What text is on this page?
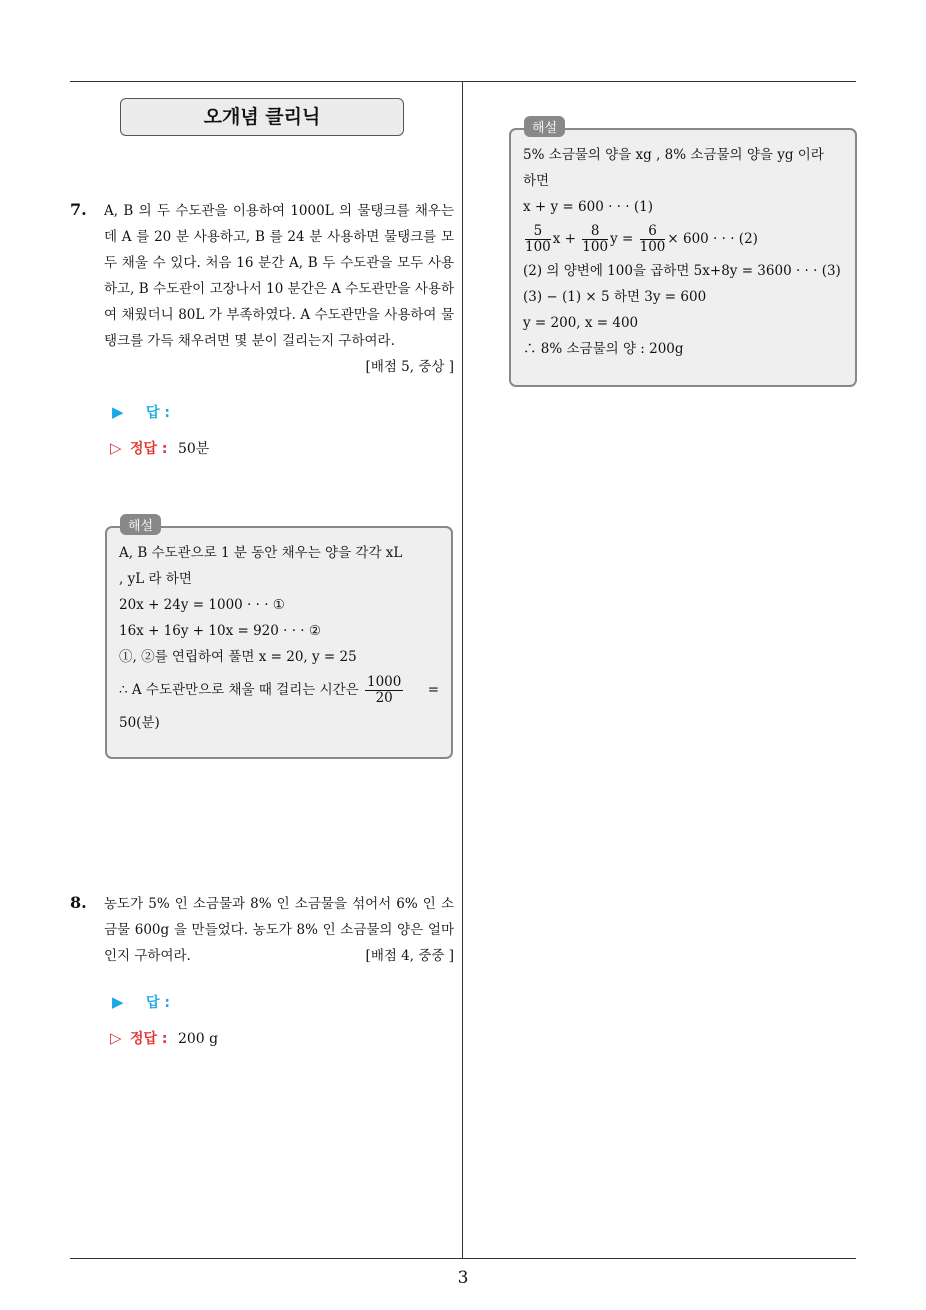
오개념 클리닉
7. A, B 의 두 수도관을 이용하여 1000L 의 물탱크를 채우는 데 A 를 20 분 사용하고, B 를 24 분 사용하면 물탱크를 모두 채울 수 있다. 처음 16 분간 A, B 두 수도관을 모두 사용하고, B 수도관이 고장나서 10 분간은 A 수도관만을 사용하여 채웠더니 80L 가 부족하였다. A 수도관만을 사용하여 물탱크를 가득 채우려면 몇 분이 걸리는지 구하여라.
[배점 5, 중상 ]
▶ 답 :
▷ 정답 : 50분
A, B 수도관으로 1 분 동안 채우는 양을 각각 xL
, yL 라 하면
20x + 24y = 1000 · · · ①
16x + 16y + 10x = 920 · · · ②
①, ②를 연립하여 풀면 x = 20, y = 25
∴ A 수도관만으로 채울 때 걸리는 시간은 $\frac{1000}{20}$ =
50(분)
해설
8. 농도가 5% 인 소금물과 8% 인 소금물을 섞어서 6% 인 소금물 600g 을 만들었다. 농도가 8% 인 소금물의 양은 얼마인지 구하여라.	[배점 4, 중중 ]
▶ 답 :
▷ 정답 : 200 g
5% 소금물의 양을 xg , 8% 소금물의 양을 yg 이라
하면
x + y = 600 · · · (1)
$\frac{5}{100}$ $x + \frac{8}{100}$ $y = \frac{6}{100} \times 600$ · · · (2)
(2) 의 양변에 100을 곱하면 5x+8y = 3600 · · · (3)
(3) − (1) × 5 하면 3y = 600
y = 200, x = 400
∴ 8% 소금물의 양 : 200g
해설
3
